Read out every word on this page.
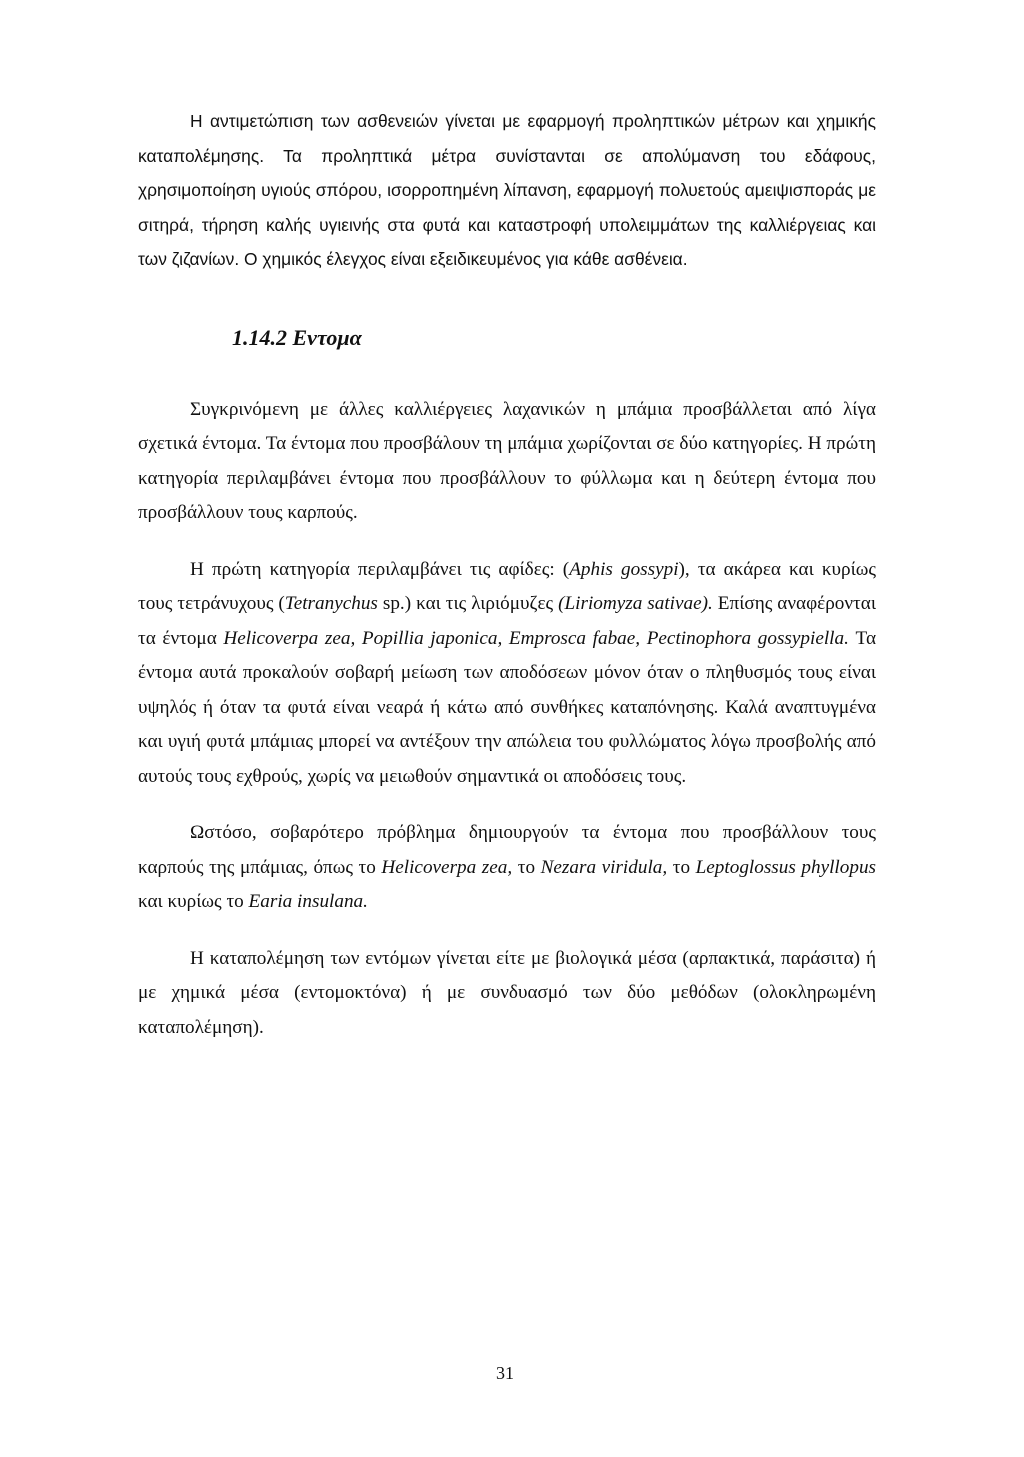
Η αντιμετώπιση των ασθενειών γίνεται με εφαρμογή προληπτικών μέτρων και χημικής καταπολέμησης. Τα προληπτικά μέτρα συνίστανται σε απολύμανση του εδάφους, χρησιμοποίηση υγιούς σπόρου, ισορροπημένη λίπανση, εφαρμογή πολυετούς αμειψισποράς με σιτηρά, τήρηση καλής υγιεινής στα φυτά και καταστροφή υπολειμμάτων της καλλιέργειας και των ζιζανίων. Ο χημικός έλεγχος είναι εξειδικευμένος για κάθε ασθένεια.

1.14.2 Εντομα

Συγκρινόμενη με άλλες καλλιέργειες λαχανικών η μπάμια προσβάλλεται από λίγα σχετικά έντομα. Τα έντομα που προσβάλουν τη μπάμια χωρίζονται σε δύο κατηγορίες. Η πρώτη κατηγορία περιλαμβάνει έντομα που προσβάλλουν το φύλλωμα και η δεύτερη έντομα που προσβάλλουν τους καρπούς.

Η πρώτη κατηγορία περιλαμβάνει τις αφίδες: (Aphis gossypi), τα ακάρεα και κυρίως τους τετράνυχους (Tetranychus sp.) και τις λιριόμυζες (Liriomyza sativae). Επίσης αναφέρονται τα έντομα Helicoverpa zea, Popillia japonica, Emprosca fabae, Pectinophora gossypiella. Τα έντομα αυτά προκαλούν σοβαρή μείωση των αποδόσεων μόνον όταν ο πληθυσμός τους είναι υψηλός ή όταν τα φυτά είναι νεαρά ή κάτω από συνθήκες καταπόνησης. Καλά αναπτυγμένα και υγιή φυτά μπάμιας μπορεί να αντέξουν την απώλεια του φυλλώματος λόγω προσβολής από αυτούς τους εχθρούς, χωρίς να μειωθούν σημαντικά οι αποδόσεις τους.

Ωστόσο, σοβαρότερο πρόβλημα δημιουργούν τα έντομα που προσβάλλουν τους καρπούς της μπάμιας, όπως το Helicoverpa zea, το Nezara viridula, το Leptoglossus phyllopus και κυρίως το Earia insulana.

Η καταπολέμηση των εντόμων γίνεται είτε με βιολογικά μέσα (αρπακτικά, παράσιτα) ή με χημικά μέσα (εντομοκτόνα) ή με συνδυασμό των δύο μεθόδων (ολοκληρωμένη καταπολέμηση).

31
